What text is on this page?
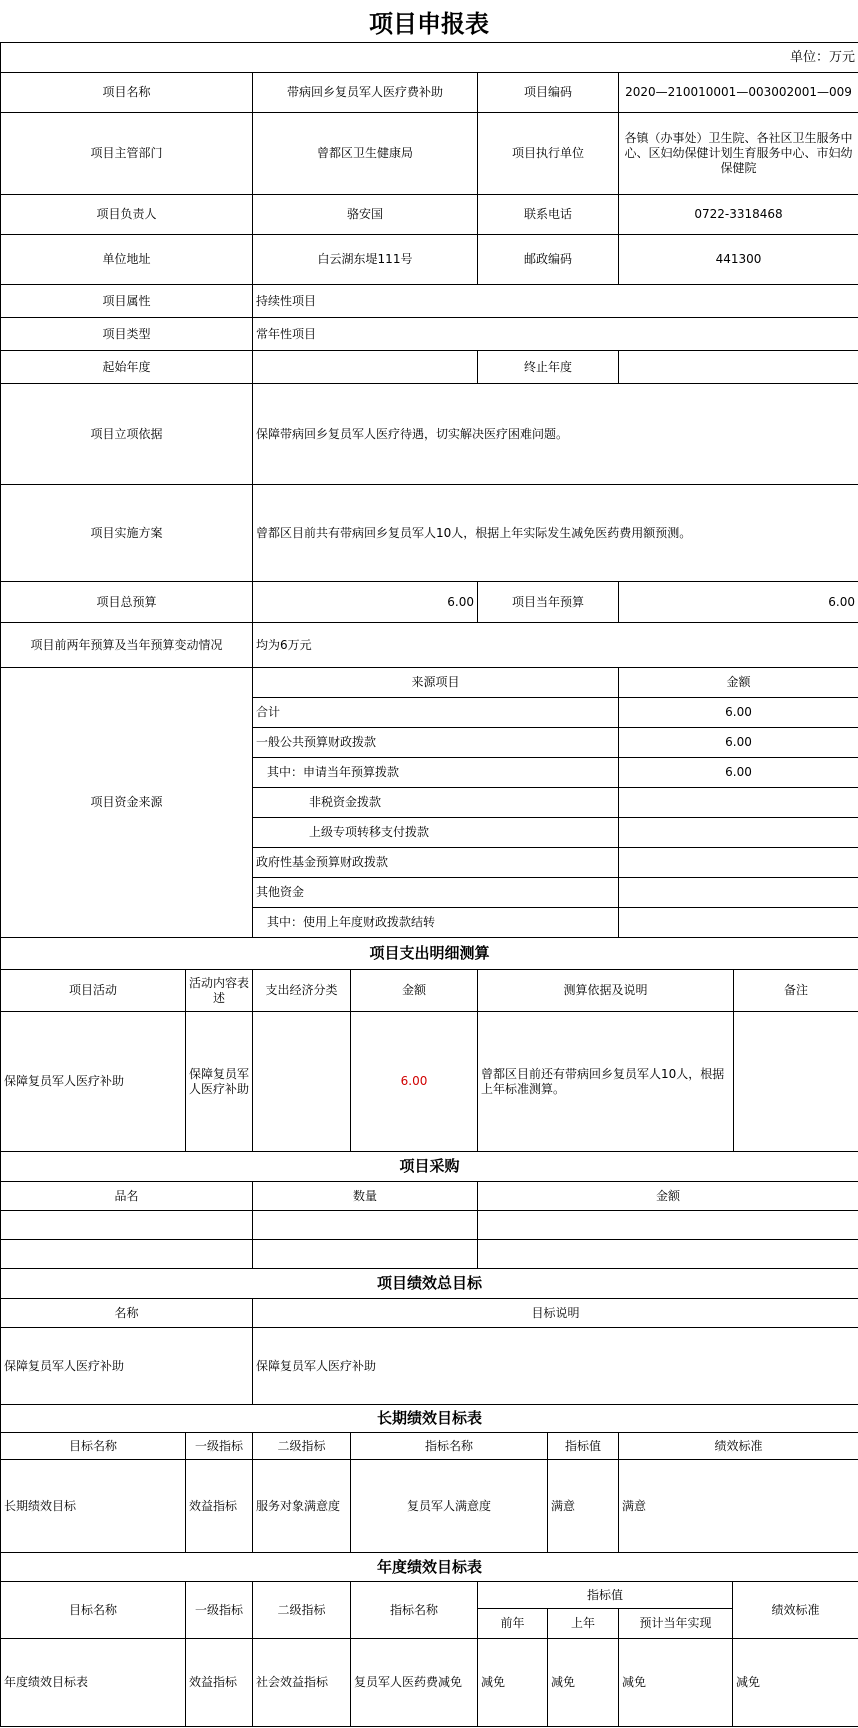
项目申报表
单位：万元			
项目名称	带病回乡复员军人医疗费补助	项目编码	2020—210010001—003002001—009
项目主管部门	曾都区卫生健康局	项目执行单位	各镇（办事处）卫生院、各社区卫生服务中心、区妇幼保健计划生育服务中心、市妇幼保健院
项目负责人	骆安国	联系电话	0722-3318468
单位地址	白云湖东堤111号	邮政编码	441300
项目属性	持续性项目		
项目类型	常年性项目		
起始年度		终止年度	
项目立项依据	保障带病回乡复员军人医疗待遇，切实解决医疗困难问题。		
项目实施方案	曾都区目前共有带病回乡复员军人10人，根据上年实际发生减免医药费用额预测。		
项目总预算	6.00	项目当年预算	6.00
项目前两年预算及当年预算变动情况	均为6万元		
项目资金来源	来源项目	金额
	合计	6.00
	一般公共预算财政拨款	6.00
	其中：申请当年预算拨款	6.00
	非税资金拨款	
	上级专项转移支付拨款	
	政府性基金预算财政拨款	
	其他资金	
	其中：使用上年度财政拨款结转	
项目支出明细测算					
项目活动	活动内容表述	支出经济分类	金额	测算依据及说明	备注
保障复员军人医疗补助	保障复员军人医疗补助		6.00	曾都区目前还有带病回乡复员军人10人，根据上年标准测算。	
项目采购		
品名	数量	金额

项目绩效总目标	
名称	目标说明
保障复员军人医疗补助	保障复员军人医疗补助
长期绩效目标表					
目标名称	一级指标	二级指标	指标名称	指标值	绩效标准
长期绩效目标	效益指标	服务对象满意度	复员军人满意度	满意	满意
年度绩效目标表							
目标名称	一级指标	二级指标	指标名称	指标值			绩效标准
				前年	上年	预计当年实现	
年度绩效目标表	效益指标	社会效益指标	复员军人医药费减免	减免	减免	减免	减免
